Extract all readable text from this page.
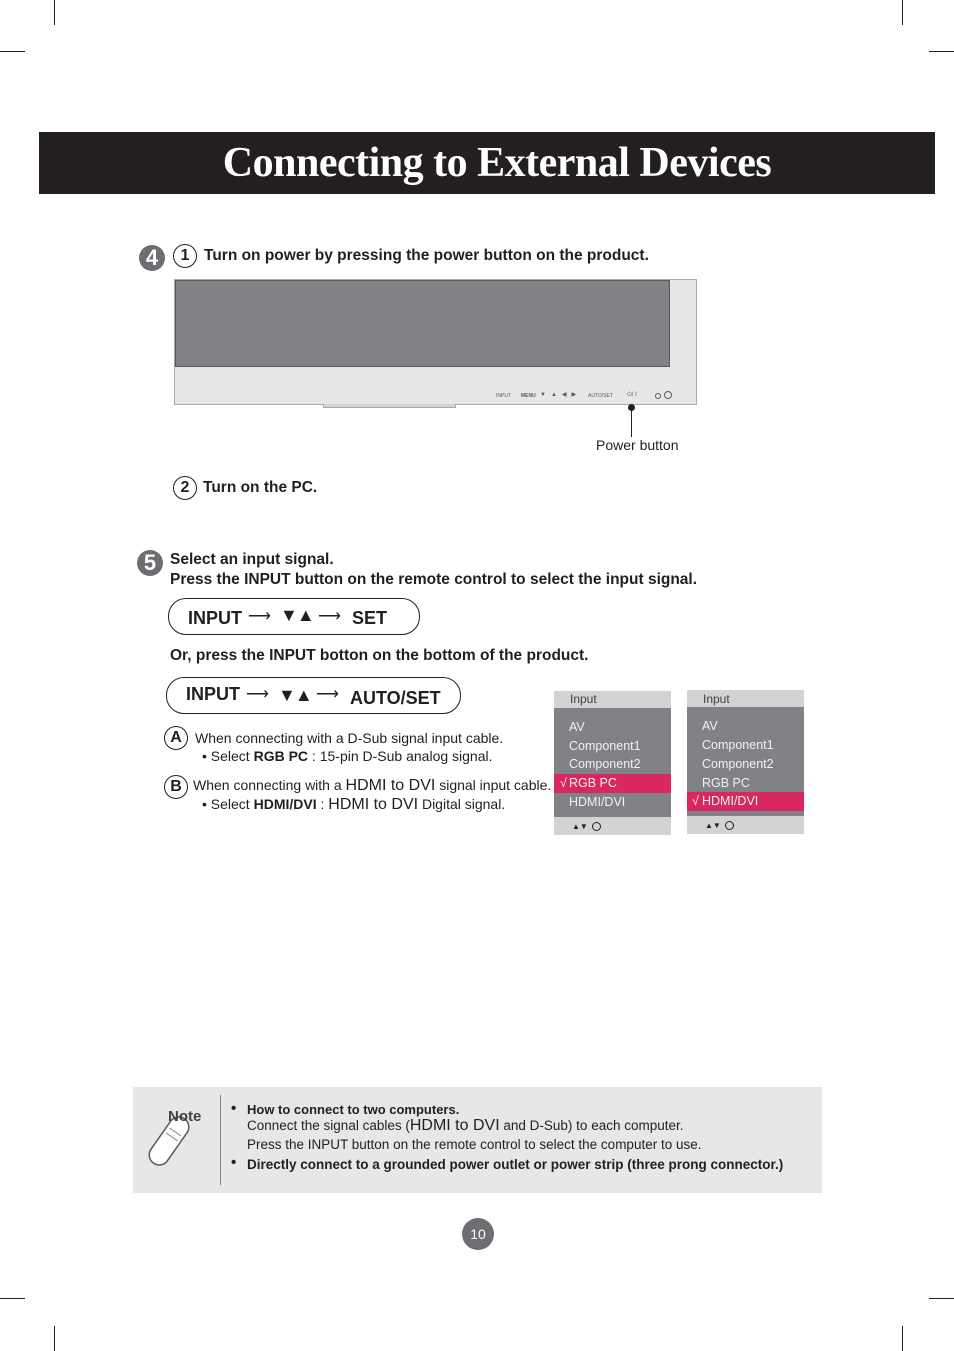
Connecting to External Devices
4	1 Turn on power by pressing the power button on the product.
INPUT MENU ▼   ▲   ◀   ▶ AUTO/SET ⏻/ I
Power button
2 Turn on the PC.
5 Select an input signal.
Press the INPUT button on the remote control to select the input signal.
INPUT ⟶ ▼▲ ⟶ SET
Or, press the INPUT botton on the bottom of the product.
INPUT ⟶ ▼▲ ⟶ AUTO/SET
A When connecting with a D-Sub signal input cable.
• Select RGB PC : 15-pin D-Sub analog signal.
B When connecting with a HDMI to DVI signal input cable.
• Select HDMI/DVI : HDMI to DVI Digital signal.
Input
AV
Component1
Component2
√ RGB PC
HDMI/DVI
▲▼
Input
AV
Component1
Component2
RGB PC
√ HDMI/DVI
▲▼
Note • How to connect to two computers.
Connect the signal cables (HDMI to DVI and D-Sub) to each computer.
Press the INPUT button on the remote control to select the computer to use.
• Directly connect to a grounded power outlet or power strip (three prong connector.)
10
